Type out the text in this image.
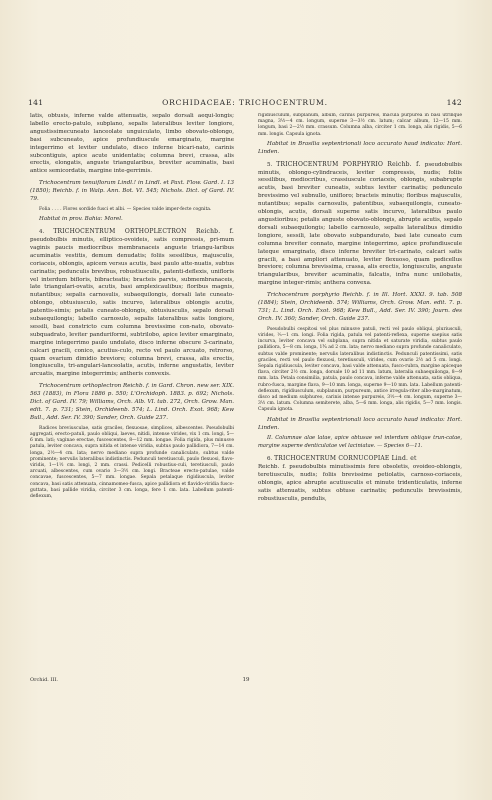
141	ORCHIDACEAE: TRICHOCENTRUM.	142

latis, obtusis, inferne valde attenuatis, sepalo dorsali aequi-longis; labello erecto-patulo, subplano, sepalis lateralibus leviter longiore, angustissimecuneato lanceolate unguiculato, limbo obovato-oblongo, basi subcuneato, apice profundiuscule emarginato, margine integerrimo et leviter undulato, disco inferne bicari-nato, carinis subcontiguis, apice acute unidentatis; columna brevi, crassa, alis erectis, elongatis, anguste triangularibus, breviter acuminatis, basi antice semicordatis, margine inte-gerrimis.

Trichocentrum tenuiflorum Lindl.! in Lindl. et Paxt. Flow. Gard. I. 13 (1850); Reichb. f. in Walp. Ann. Bot. VI. 545; Nichols. Dict. of Gard. IV. 79.

Folia . . . . Flores sordide fusci et albi. — Species valde imper-fecte cognita.

Habitat in prov. Bahia: Morel.

4. TRICHOCENTRUM ORTHOPLECTRON Reichb. f. pseudobulbis minutis, elliptico-ovoideis, satis compressis, pri-mum vaginis paucis mediocribus membranaceis anguste triangu-laribus acuminatis vestitis, demum denudatis; foliis sessilibus, majusculis, coriaceis, oblongis, apicem versus acutis, basi paulo atte-nuatis, subtus carinatis; pedunculis brevibus, robustiusculis, patenti-deflexis, unifloris vel interdum bifloris, bibracteatis; bracteis parvis, submembranaceis, late triangulari-ovatis, acutis, basi amplexicaulibus; floribus magnis, nutantibus; sepalis carnosulis, subaequilongis, dorsali late cuneato-oblongo, obtusiusculo, satis incurvo, lateralibus oblongis acutis, patentis-simis; petalis cuneato-oblongis, obtusiusculis, sepalo dorsali subaequilongis; labello carnosulo, sepalis lateralibus satis longiore, sessili, basi constricto cum columna brevissime con-nato, obovato-subquadrato, leviter panduriformi, subtrilobo, apice leviter emarginato, margine integerrimo paulo undulato, disco inferne obscure 3-carinato, calcari gracili, conico, acutius-culo, recto vel paulo arcuato, retrorso, quam ovarium dimidio breviore; columna brevi, crassa, alis erectis, longiusculis, tri-angulari-lanceolatis, acutis, inferne angustatis, leviter arcuatis, margine integerrimis; antheris convexis.

Trichocentrum orthoplectron Reichb. f. in Gard. Chron. new ser. XIX. 563 (1883), in Flora 1886 p. 550; L'Orchidoph. 1883. p. 692; Nichols. Dict. of Gard. IV. 79; Williams, Orch. Alb. VI. tab. 272, Orch. Grow. Man. edit. 7. p. 731; Stein, Orchideenb. 574; L. Lind. Orch. Exot. 968; Kew Bull., Add. Ser. IV. 390; Sander, Orch. Guide 237.

Radices breviusculae, satis graciles, flexuosae, simplices, albescentes. Pseudobulbi aggregati, erecto-patuli, paulo obliqui, laeves, nitidi, intense virides, vix 1 cm. longi, 5—6 mm. lati; vaginae erectae, fuscescentes, 8—12 mm. longae. Folia rigida, plus minusve patula, leviter concava, supra nitida et intense viridia, subtus paulo pallidiora, 7—14 cm. longa, 2½—4 cm. lata; nervo mediano supra profunde canaliculato, subtus valde prominente; nervulis lateralibus indistinctis. Pedunculi teretiusculi, paulo flexuosi, flavo-viridis, 1—1½ cm. longi, 2 mm. crassi. Pedicelli robustius-culi, teretiusculi, paulo arcuati, albescentes, cum ovario 3—3½ cm. longi. Bracteae erecto-patulae, valde concavae, fuscescentes, 5—7 mm. longae. Sepala petalaque rigidiuscula, leviter concava, basi satis attenuata, cinnamomeo-fusca, apice pallidiora et flavido-viridia fusco-guttata, basi pallide viridia, circiter 3 cm. longa, fere 1 cm. lata. Labellum patenti-deflexum,

rigidiusculum, subplanum, album, carinis purpureis, macula purpurea in basi utrinque magna, 3½—4 cm. longum, superne 3—3½ cm. latum; calcar album, 12—15 mm. longum, basi 2—2½ mm. crassum. Columna alba, circiter 1 cm. longa, alis rigidis, 5—6 mm. longis. Capsula ignota.

Habitat in Brasilia septentrionali loco accurato haud indicato: Hort. Linden.

5. TRICHOCENTRUM PORPHYRIO Reichb. f. pseudobulbis minutis, oblongo-cylindraceis, leviter compressis, nudis; foliis sessilibus, mediocribus, crassiuscule coriaceis, oblongis, subabrupte acutis, basi breviter cuneatis, subtus leviter carinatis; pedunculo brevissimo vel subnullo, unifloro; bracteis minutis; floribus majusculis, nutantibus; sepalis carnosulis, patentibus, subaequilongis, cuneato-oblongis, acutis, dorsali superne satis incurvo, lateralibus paulo angustioribus; petalis anguste obovato-oblongis, abrupte acutis, sepalo dorsali subaequilongis; labello carnosulo, sepalis lateralibus dimidio longiore, sessili, late obovato subpandurato, basi late cuneato cum columna breviter connato, margine integerrimo, apice profundiuscule lateque emarginato, disco inferne breviter tri-carinato, calcari satis gracili, a basi ampliori attenuato, leviter flexuoso, quam pedicellus breviore; columna brevissima, crassa, alis erectis, longiusculis, anguste triangularibus, breviter acuminatis, falcatis, infra nunc unilobatis, margine integer-rimis; anthera convexa.

Trichocentrum porphyrio Reichb. f. in Ill. Hort. XXXI. 9. tab. 508 (1884); Stein, Orchideenb. 574; Williams, Orch. Grow. Man. edit. 7. p. 731; L. Lind. Orch. Exot. 968; Kew Bull., Add. Ser. IV. 390; Journ. des Orch. IV. 360; Sander, Orch. Guide 237.

Pseudobulbi cespitosi vel plus minusve patuli, recti vel paulo obliqui, pluriusculi, virides, ⅓—1 cm. longi. Folia rigida, patula vel patenti-reflexa, superne saepius satis incurva, leviter concava vel subplana, supra nitida et saturate viridia, subtus paulo pallidiora, 5—8 cm. longa, 1¾ ad 2 cm. lata; nervo mediano supra profunde canaliculato, subtus valde prominente; nervulis lateralibus indistinctis. Pedunculi patentissimi, satis graciles, recti vel paulo flexuosi, teretiusculi, virides, cum ovario 2½ ad 5 cm. longi. Sepala rigidiuscula, leviter concava, basi valde attenuata, fusco-rubra, margine apiceque flava, circiter 2½ cm. longa, dorsale 10 ad 11 mm. latum, lateralia subaequilonga, 8—9 mm. lata. Petala consimilia, patula, paulo concava, inferne valde attenuata, satis obliqua, rubro-fusca, margine flava, 9—10 mm. longa, superne 9—10 mm. lata. Labellum patenti-deflexum, rigidiusculum, subplanum, purpureum, antice irregula-riter albo-marginatum, disco ad medium sulphureo, carinis intense purpureis, 3½—4 cm. longum, superne 3—3½ cm. latum. Columna semiterete, alba, 5—6 mm. longa, alis rigidis, 5—7 mm. longis. Capsula ignota.

Habitat in Brasilia septentrionali loco accurato haud indicato: Hort. Linden.

II. Columnae alae latae, apice obtusae vel interdum oblique trun-catae, margine superne denticulatae vel laciniatae. — Species 6—11.

6. TRICHOCENTRUM CORNUCOPIAE Lind. et

Reichb. f. pseudobulbis minutissimis fere obsoletis, ovoideo-oblongis, teretiusculis, nudis; foliis brevissime petiolatis, carnoso-coriaceis, oblongis, apice abrupte acutiusculis et minute tridenticulatis, inferne satis attenuatis, subtus obtuse carinatis; pedunculis brevissimis, robustiusculis, pendulis,

Orchid. III.	19
